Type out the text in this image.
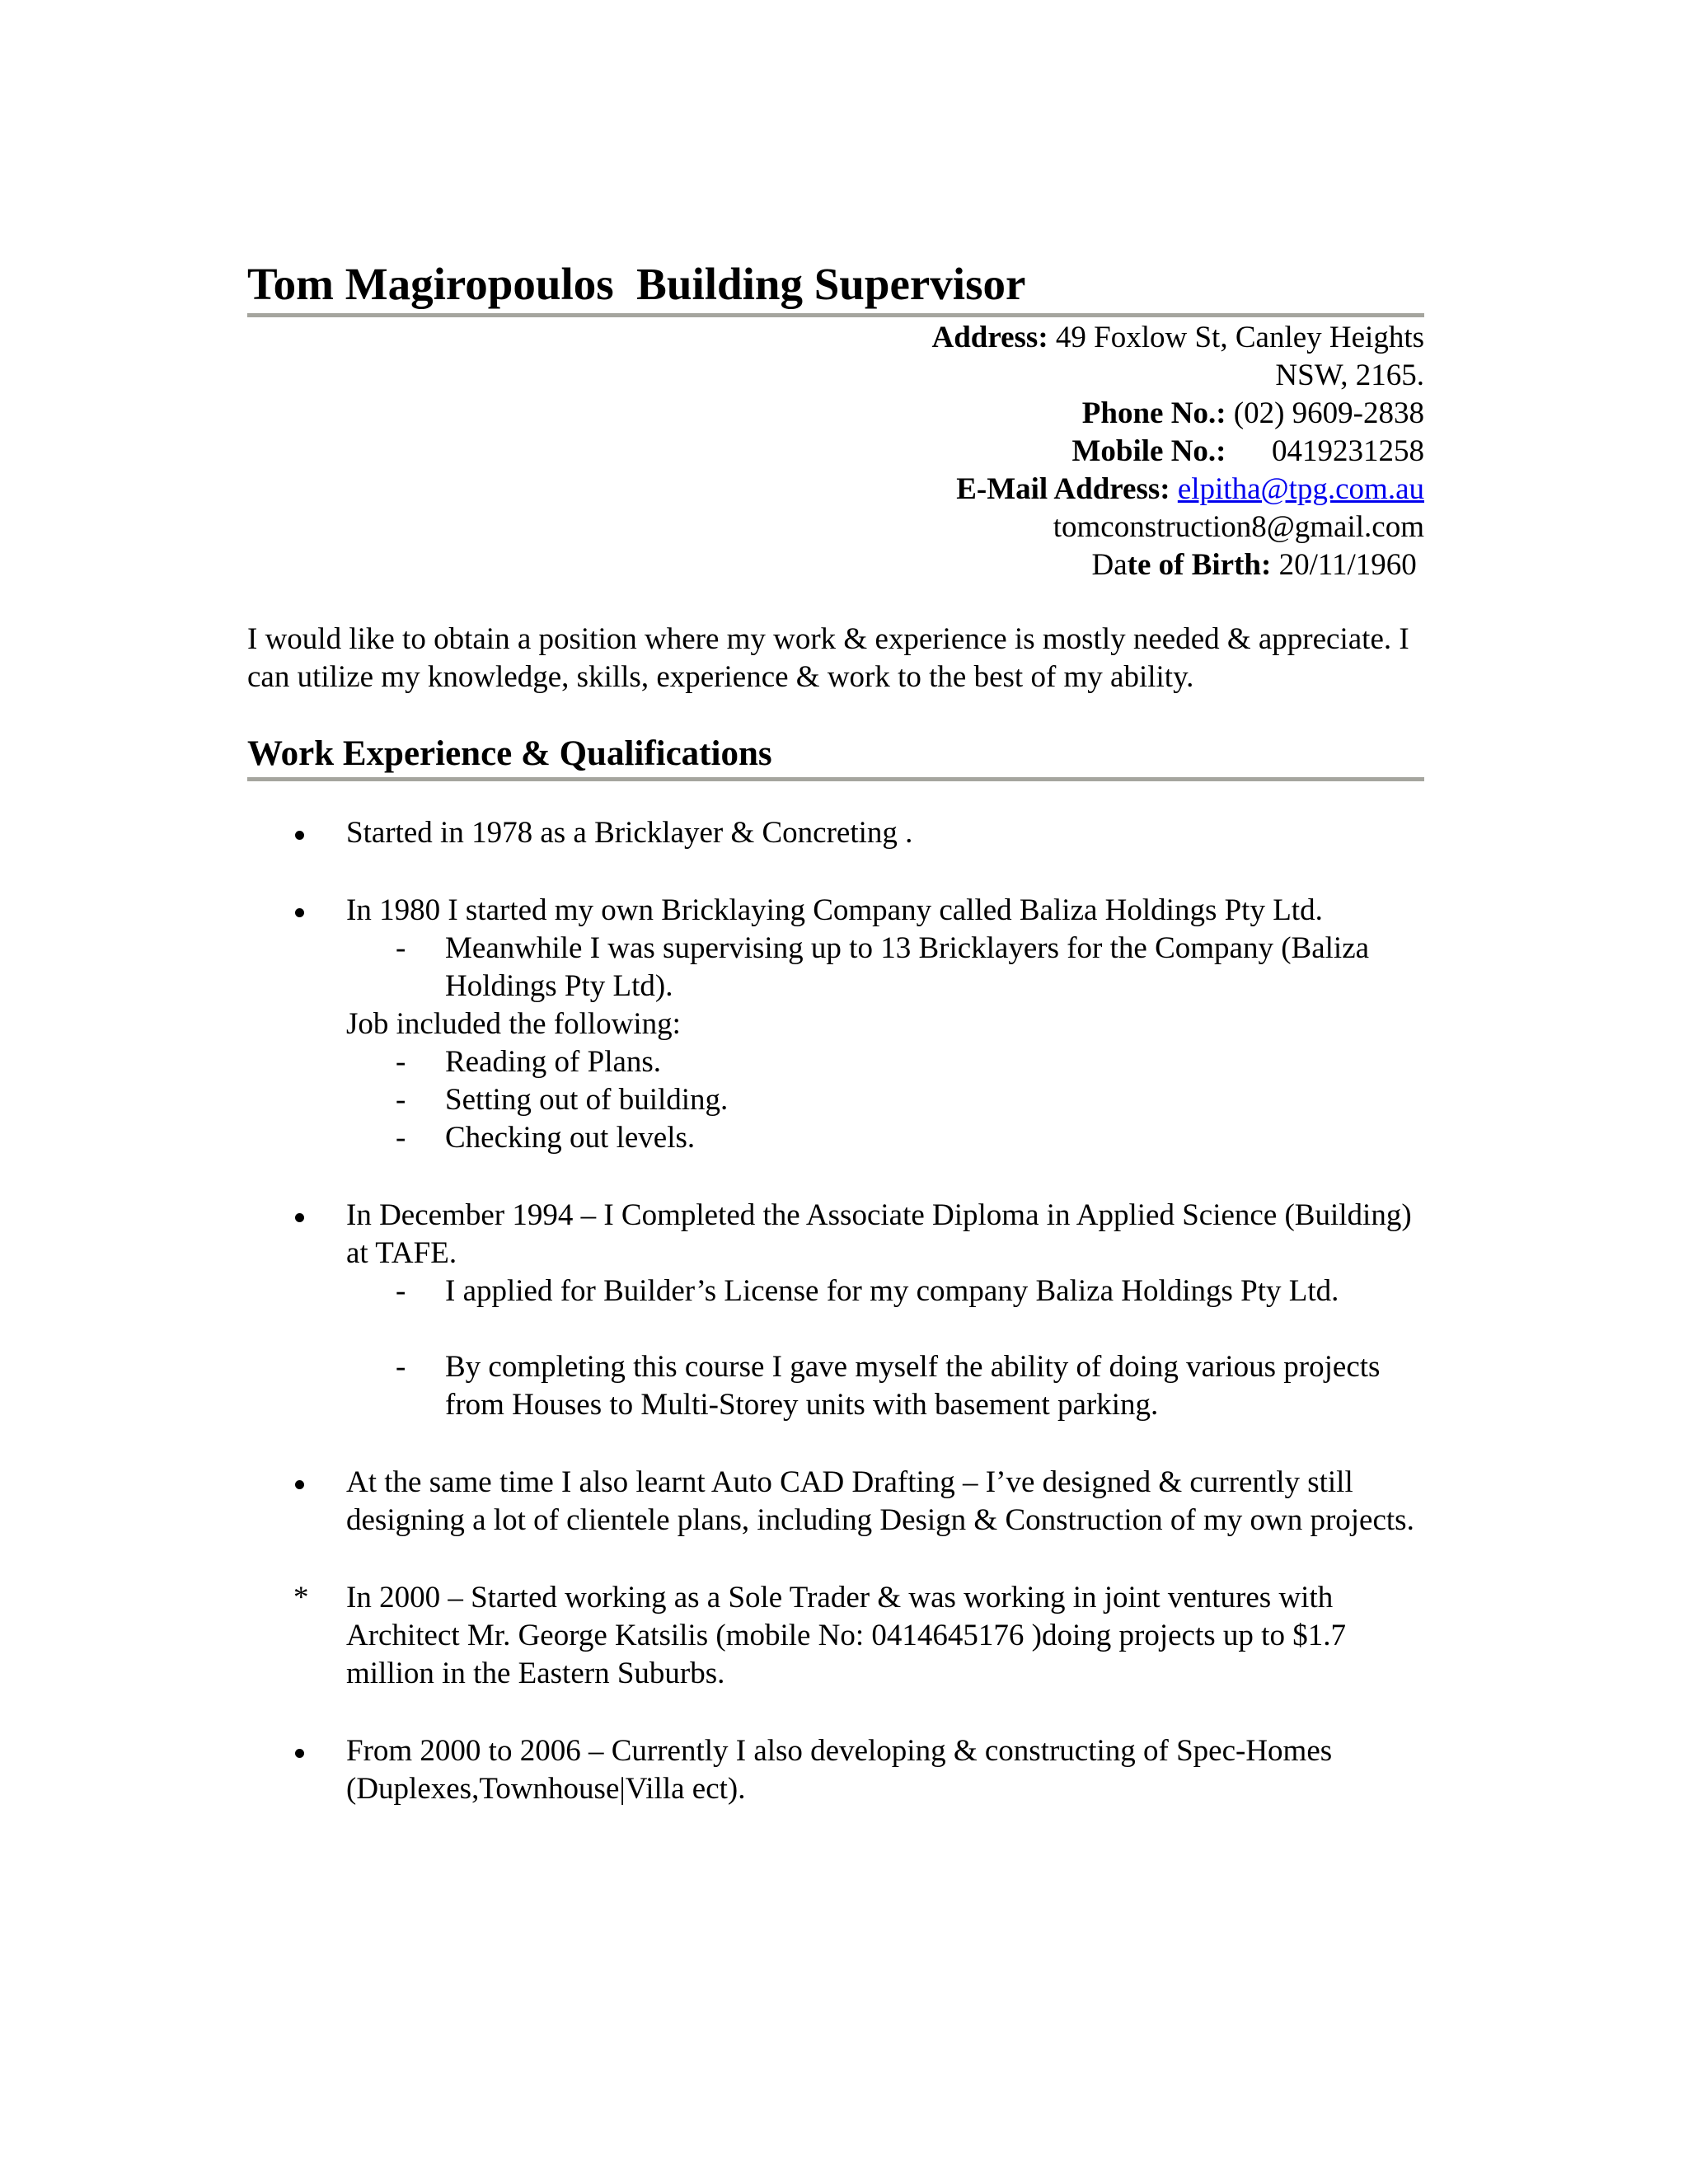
Tom Magiropoulos  Building Supervisor
Address: 49 Foxlow St, Canley Heights
NSW, 2165.
Phone No.: (02) 9609-2838
Mobile No.:      0419231258
E-Mail Address: elpitha@tpg.com.au
tomconstruction8@gmail.com
Date of Birth: 20/11/1960

I would like to obtain a position where my work & experience is mostly needed & appreciate. I can utilize my knowledge, skills, experience & work to the best of my ability.

Work Experience & Qualifications
Started in 1978 as a Bricklayer & Concreting .
In 1980 I started my own Bricklaying Company called Baliza Holdings Pty Ltd.
- Meanwhile I was supervising up to 13 Bricklayers for the Company (Baliza Holdings Pty Ltd).
Job included the following:
- Reading of Plans.
- Setting out of building.
- Checking out levels.
In December 1994 – I Completed the Associate Diploma in Applied Science (Building) at TAFE.
- I applied for Builder’s License for my company Baliza Holdings Pty Ltd.
- By completing this course I gave myself the ability of doing various projects from Houses to Multi-Storey units with basement parking.
At the same time I also learnt Auto CAD Drafting – I’ve designed & currently still designing a lot of clientele plans, including Design & Construction of my own projects.
*	In 2000 – Started working as a Sole Trader & was working in joint ventures with Architect Mr. George Katsilis (mobile No: 0414645176 )doing projects up to $1.7 million in the Eastern Suburbs.
From 2000 to 2006 – Currently I also developing & constructing of Spec-Homes (Duplexes,Townhouse|Villa ect).
